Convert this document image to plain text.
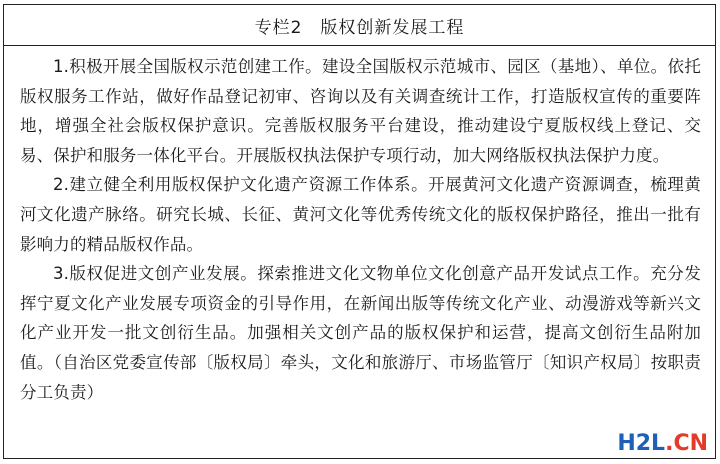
专栏2　版权创新发展工程

1.积极开展全国版权示范创建工作。建设全国版权示范城市、园区（基地）、单位。依托版权服务工作站，做好作品登记初审、咨询以及有关调查统计工作，打造版权宣传的重要阵地，增强全社会版权保护意识。完善版权服务平台建设，推动建设宁夏版权线上登记、交易、保护和服务一体化平台。开展版权执法保护专项行动，加大网络版权执法保护力度。

2.建立健全利用版权保护文化遗产资源工作体系。开展黄河文化遗产资源调查，梳理黄河文化遗产脉络。研究长城、长征、黄河文化等优秀传统文化的版权保护路径，推出一批有影响力的精品版权作品。

3.版权促进文创产业发展。探索推进文化文物单位文化创意产品开发试点工作。充分发挥宁夏文化产业发展专项资金的引导作用，在新闻出版等传统文化产业、动漫游戏等新兴文化产业开发一批文创衍生品。加强相关文创产品的版权保护和运营，提高文创衍生品附加值。（自治区党委宣传部〔版权局〕牵头，文化和旅游厅、市场监管厅〔知识产权局〕按职责分工负责）

H2L.CN
